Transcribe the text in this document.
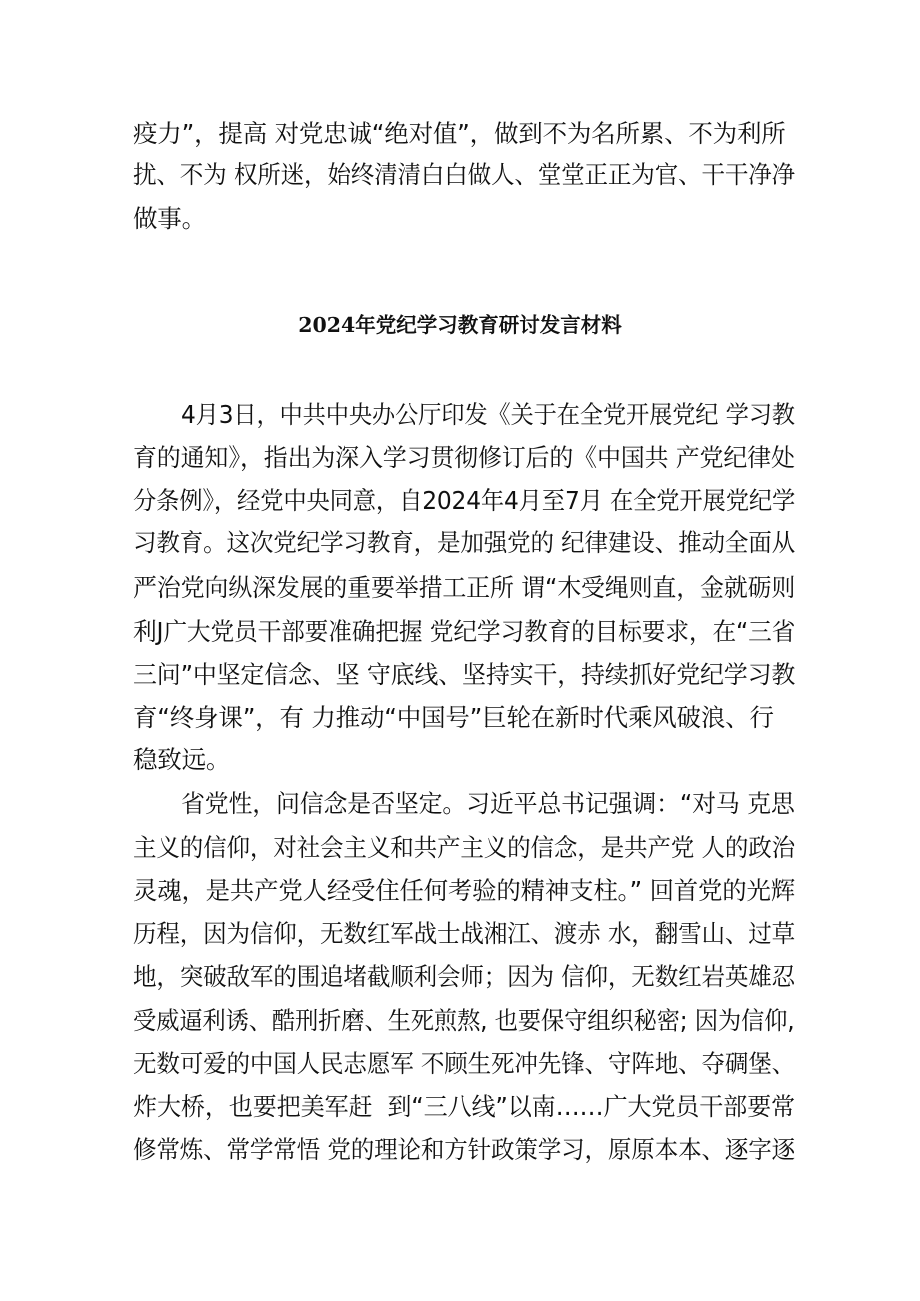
疫力”，提高 对党忠诚“绝对值”，做到不为名所累、不为利所
扰、不为 权所迷，始终清清白白做人、堂堂正正为官、干干净净
做事。
2024年党纪学习教育研讨发言材料
4月3日，中共中央办公厅印发《关于在全党开展党纪 学习教
育的通知》，指出为深入学习贯彻修订后的《中国共 产党纪律处
分条例》，经党中央同意，自2024年4月至7月 在全党开展党纪学
习教育。这次党纪学习教育，是加强党的 纪律建设、推动全面从
严治党向纵深发展的重要举措工正所 谓“木受绳则直，金就砺则
利J广大党员干部要准确把握 党纪学习教育的目标要求，在“三省
三问”中坚定信念、坚 守底线、坚持实干，持续抓好党纪学习教
育“终身课”，有 力推动“中国号”巨轮在新时代乘风破浪、行
稳致远。
省党性，问信念是否坚定。习近平总书记强调：“对马 克思
主义的信仰，对社会主义和共产主义的信念，是共产党 人的政治
灵魂，是共产党人经受住任何考验的精神支柱。” 回首党的光辉
历程，因为信仰，无数红军战士战湘江、渡赤 水，翻雪山、过草
地，突破敌军的围追堵截顺利会师；因为 信仰，无数红岩英雄忍
受威逼利诱、酷刑折磨、生死煎熬, 也要保守组织秘密; 因为信仰,
无数可爱的中国人民志愿军 不顾生死冲先锋、守阵地、夺碉堡、
炸大桥，也要把美军赶  到“三八线”以南……广大党员干部要常
修常炼、常学常悟 党的理论和方针政策学习，原原本本、逐字逐
